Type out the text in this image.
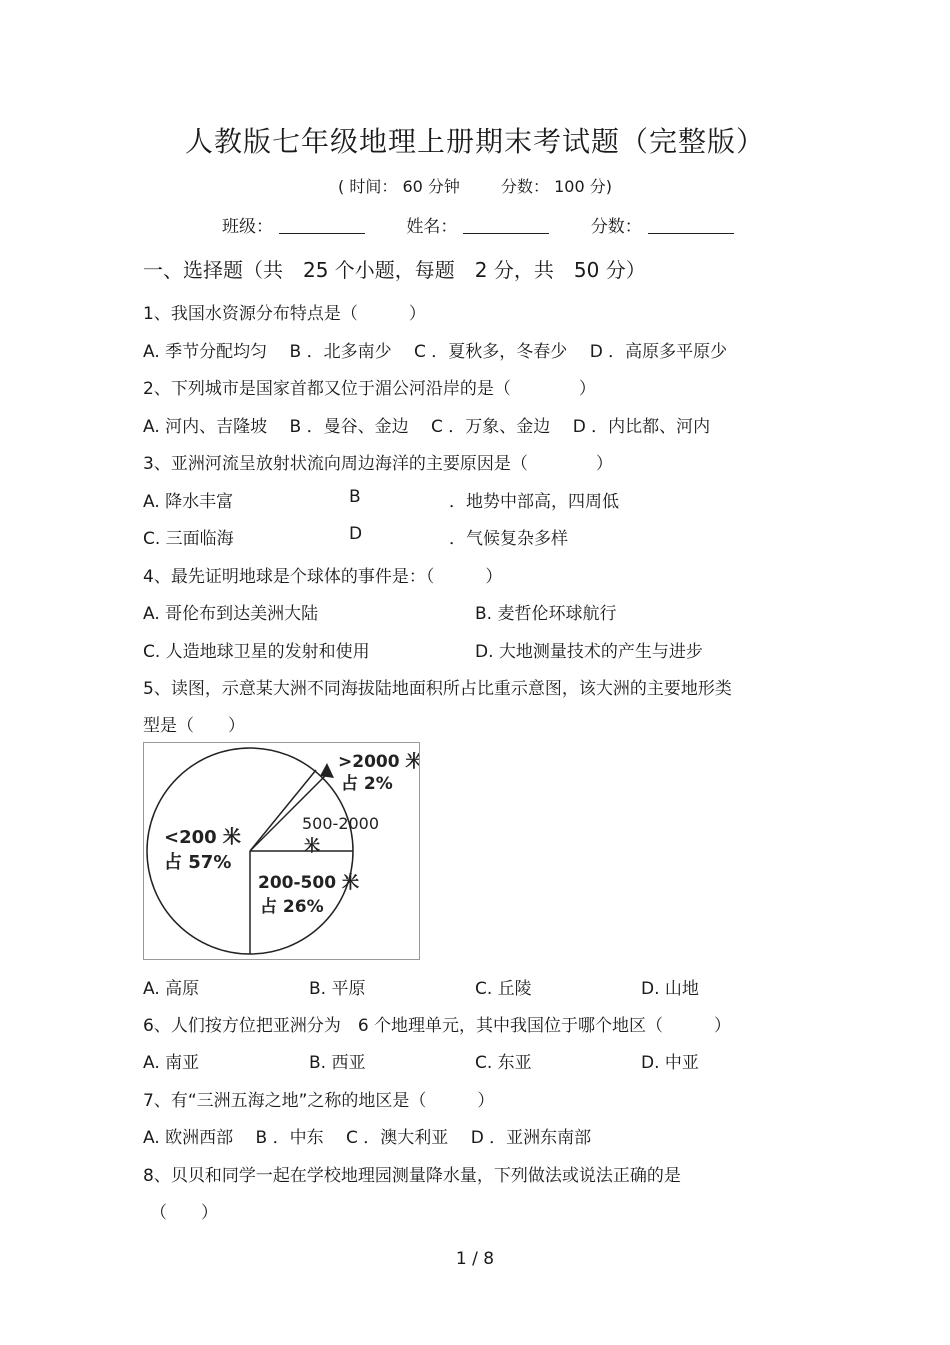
人教版七年级地理上册期末考试题（完整版）
( 时间： 60 分钟	分数： 100 分)
班级：	姓名：	分数：
一、选择题（共　25 个小题，每题　2 分，共　50 分）
1、我国水资源分布特点是（　　　）
A. 季节分配均匀　 B ．北多南少　 C ．夏秋多，冬春少　 D ．高原多平原少
2、下列城市是国家首都又位于湄公河沿岸的是（　　　　）
A. 河内、吉隆坡　 B ．曼谷、金边　 C ．万象、金边　 D ．内比都、河内
3、亚洲河流呈放射状流向周边海洋的主要原因是（　　　　）
A. 降水丰富	B	．地势中部高，四周低
C. 三面临海	D	．气候复杂多样
4、最先证明地球是个球体的事件是：（　　　）
A. 哥伦布到达美洲大陆	B. 麦哲伦环球航行
C. 人造地球卫星的发射和使用	D. 大地测量技术的产生与进步
5、读图，示意某大洲不同海拔陆地面积所占比重示意图，该大洲的主要地形类
型是（　　）
>2000 米
占 2%
500-2000
米
<200 米
占 57%
200-500 米
占 26%
A. 高原	B. 平原	C. 丘陵	D. 山地
6、人们按方位把亚洲分为　6 个地理单元，其中我国位于哪个地区（　　　）
A. 南亚	B. 西亚	C. 东亚	D. 中亚
7、有“三洲五海之地”之称的地区是（　　　）
A. 欧洲西部　 B ．中东　 C ．澳大利亚　 D ．亚洲东南部
8、贝贝和同学一起在学校地理园测量降水量，下列做法或说法正确的是
（　　）
1 / 8
